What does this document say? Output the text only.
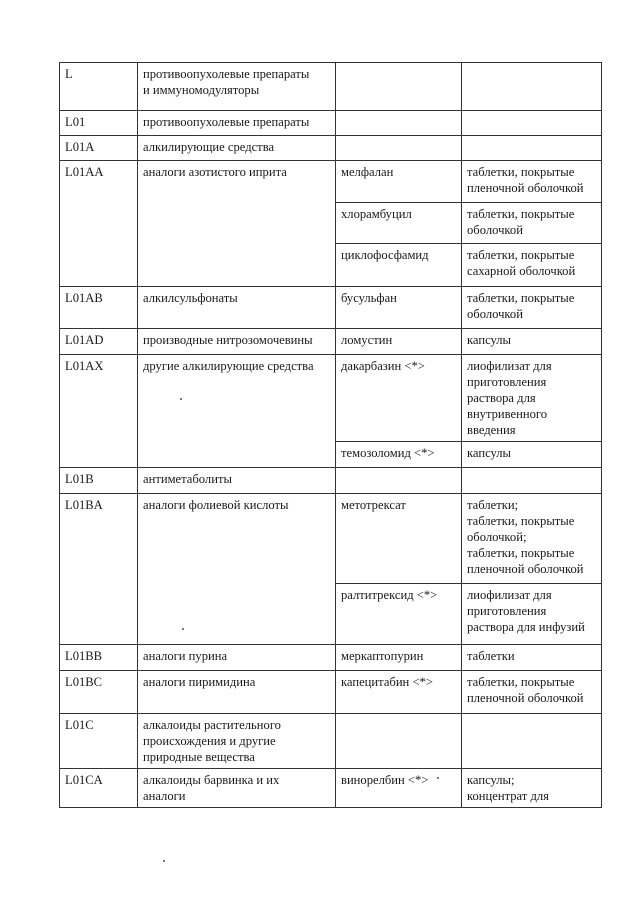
L	противоопухолевые препараты
и иммуномодуляторы		

L01	противоопухолевые препараты		

L01A	алкилирующие средства		

L01AA	аналоги азотистого иприта	мелфалан	таблетки, покрытые
пленочной оболочкой

		хлорамбуцил	таблетки, покрытые
оболочкой

		циклофосфамид	таблетки, покрытые
сахарной оболочкой

L01AB	алкилсульфонаты	бусульфан	таблетки, покрытые
оболочкой

L01AD	производные нитрозомочевины	ломустин	капсулы

L01AX	другие алкилирующие средства	дакарбазин <*>	лиофилизат для
приготовления
раствора для
внутривенного
введения

		темозоломид <*>	капсулы

L01B	антиметаболиты		

L01BA	аналоги фолиевой кислоты	метотрексат	таблетки;
таблетки, покрытые
оболочкой;
таблетки, покрытые
пленочной оболочкой

		ралтитрексид <*>	лиофилизат для
приготовления
раствора для инфузий

L01BB	аналоги пурина	меркаптопурин	таблетки

L01BC	аналоги пиримидина	капецитабин <*>	таблетки, покрытые
пленочной оболочкой

L01C	алкалоиды растительного
происхождения и другие
природные вещества		

L01CA	алкалоиды барвинка и их
аналоги	винорелбин <*>	капсулы;
концентрат для
